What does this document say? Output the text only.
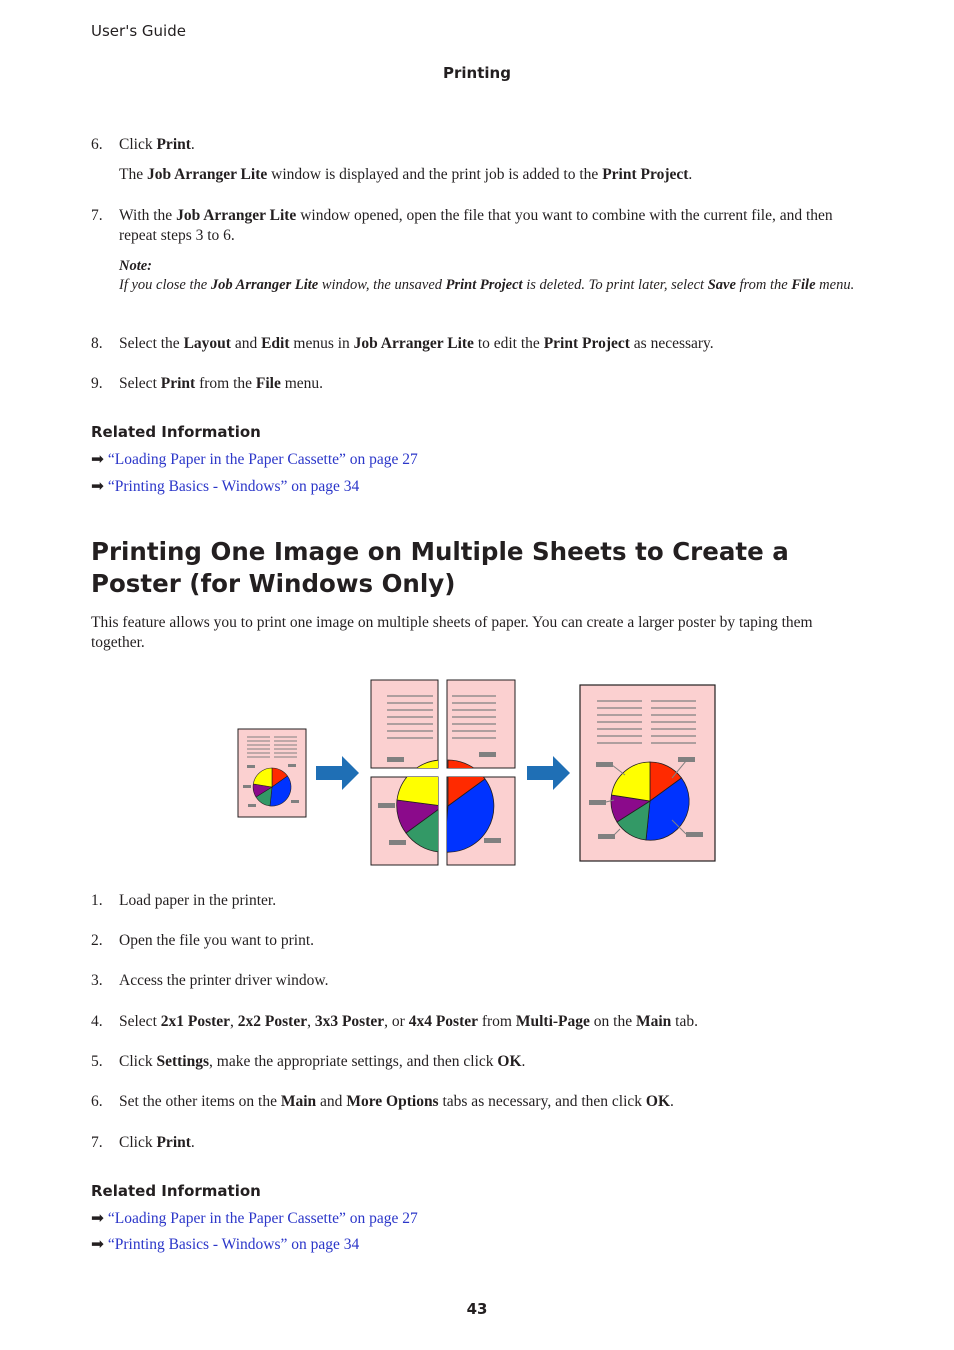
User's Guide
Printing
6. Click Print.
The Job Arranger Lite window is displayed and the print job is added to the Print Project.
7. With the Job Arranger Lite window opened, open the file that you want to combine with the current file, and then repeat steps 3 to 6.
Note:
If you close the Job Arranger Lite window, the unsaved Print Project is deleted. To print later, select Save from the File menu.
8. Select the Layout and Edit menus in Job Arranger Lite to edit the Print Project as necessary.
9. Select Print from the File menu.
Related Information
➡ “Loading Paper in the Paper Cassette” on page 27
➡ “Printing Basics - Windows” on page 34
Printing One Image on Multiple Sheets to Create a Poster (for Windows Only)
This feature allows you to print one image on multiple sheets of paper. You can create a larger poster by taping them together.
1. Load paper in the printer.
2. Open the file you want to print.
3. Access the printer driver window.
4. Select 2x1 Poster, 2x2 Poster, 3x3 Poster, or 4x4 Poster from Multi-Page on the Main tab.
5. Click Settings, make the appropriate settings, and then click OK.
6. Set the other items on the Main and More Options tabs as necessary, and then click OK.
7. Click Print.
Related Information
➡ “Loading Paper in the Paper Cassette” on page 27
➡ “Printing Basics - Windows” on page 34
43
